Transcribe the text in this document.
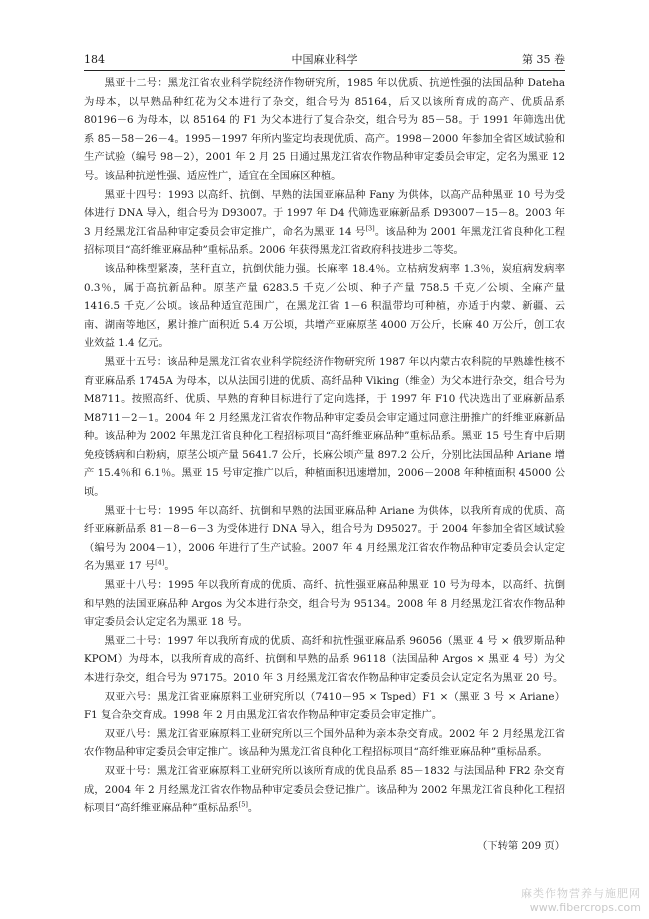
184	中国麻业科学	第 35 卷

黑亚十二号：黑龙江省农业科学院经济作物研究所，1985 年以优质、抗逆性强的法国品种 Dateha 为母本，以早熟品种红花为父本进行了杂交，组合号为 85164，后又以该所育成的高产、优质品系 80196－6 为母本，以 85164 的 F1 为父本进行了复合杂交，组合号为 85－58。于 1991 年筛选出优系 85－58－26－4。1995－1997 年所内鉴定均表现优质、高产。1998－2000 年参加全省区域试验和生产试验（编号 98－2），2001 年 2 月 25 日通过黑龙江省农作物品种审定委员会审定，定名为黑亚 12 号。该品种抗逆性强、适应性广，适宜在全国麻区种植。

黑亚十四号：1993 以高纤、抗倒、早熟的法国亚麻品种 Fany 为供体，以高产品种黑亚 10 号为受体进行 DNA 导入，组合号为 D93007。于 1997 年 D4 代筛选亚麻新品系 D93007－15－8。2003 年 3 月经黑龙江省品种审定委员会审定推广，命名为黑亚 14 号[3]。该品种为 2001 年黑龙江省良种化工程招标项目“高纤维亚麻品种”重标品系。2006 年获得黑龙江省政府科技进步二等奖。

该品种株型紧凑，茎秆直立，抗倒伏能力强。长麻率 18.4％。立枯病发病率 1.3％，炭疽病发病率 0.3％，属于高抗新品种。原茎产量 6283.5 千克／公顷、种子产量 758.5 千克／公顷、全麻产量 1416.5 千克／公顷。该品种适宜范围广，在黑龙江省 1－6 积温带均可种植，亦适于内蒙、新疆、云南、湖南等地区，累计推广面积近 5.4 万公顷，共增产亚麻原茎 4000 万公斤，长麻 40 万公斤，创工农业效益 1.4 亿元。

黑亚十五号：该品种是黑龙江省农业科学院经济作物研究所 1987 年以内蒙古农科院的早熟雄性核不育亚麻品系 1745A 为母本，以从法国引进的优质、高纤品种 Viking（维金）为父本进行杂交，组合号为 M8711。按照高纤、优质、早熟的育种目标进行了定向选择，于 1997 年 F10 代决选出了亚麻新品系 M8711－2－1。2004 年 2 月经黑龙江省农作物品种审定委员会审定通过同意注册推广的纤维亚麻新品种。该品种为 2002 年黑龙江省良种化工程招标项目“高纤维亚麻品种”重标品系。黑亚 15 号生育中后期免疫锈病和白粉病，原茎公顷产量 5641.7 公斤，长麻公顷产量 897.2 公斤，分别比法国品种 Ariane 增产 15.4％和 6.1％。黑亚 15 号审定推广以后，种植面积迅速增加，2006－2008 年种植面积 45000 公顷。

黑亚十七号：1995 年以高纤、抗倒和早熟的法国亚麻品种 Ariane 为供体，以我所育成的优质、高纤亚麻新品系 81－8－6－3 为受体进行 DNA 导入，组合号为 D95027。于 2004 年参加全省区域试验（编号为 2004－1），2006 年进行了生产试验。2007 年 4 月经黑龙江省农作物品种审定委员会认定定名为黑亚 17 号[4]。

黑亚十八号：1995 年以我所育成的优质、高纤、抗性强亚麻品种黑亚 10 号为母本，以高纤、抗倒和早熟的法国亚麻品种 Argos 为父本进行杂交，组合号为 95134。2008 年 8 月经黑龙江省农作物品种审定委员会认定定名为黑亚 18 号。

黑亚二十号：1997 年以我所育成的优质、高纤和抗性强亚麻品系 96056（黑亚 4 号 × 俄罗斯品种 KPOM）为母本，以我所育成的高纤、抗倒和早熟的品系 96118（法国品种 Argos × 黑亚 4 号）为父本进行杂交，组合号为 97175。2010 年 3 月经黑龙江省农作物品种审定委员会认定定名为黑亚 20 号。

双亚六号：黑龙江省亚麻原料工业研究所以（7410－95 × Tsped）F1 ×（黑亚 3 号 × Ariane）F1 复合杂交育成。1998 年 2 月由黑龙江省农作物品种审定委员会审定推广。

双亚八号：黑龙江省亚麻原料工业研究所以三个国外品种为亲本杂交育成。2002 年 2 月经黑龙江省农作物品种审定委员会审定推广。该品种为黑龙江省良种化工程招标项目“高纤维亚麻品种”重标品系。

双亚十号：黑龙江省亚麻原料工业研究所以该所育成的优良品系 85－1832 与法国品种 FR2 杂交育成，2004 年 2 月经黑龙江省农作物品种审定委员会登记推广。该品种为 2002 年黑龙江省良种化工程招标项目“高纤维亚麻品种”重标品系[5]。

（下转第 209 页）
麻类作物营养与施肥网
www.fibercrops.com
